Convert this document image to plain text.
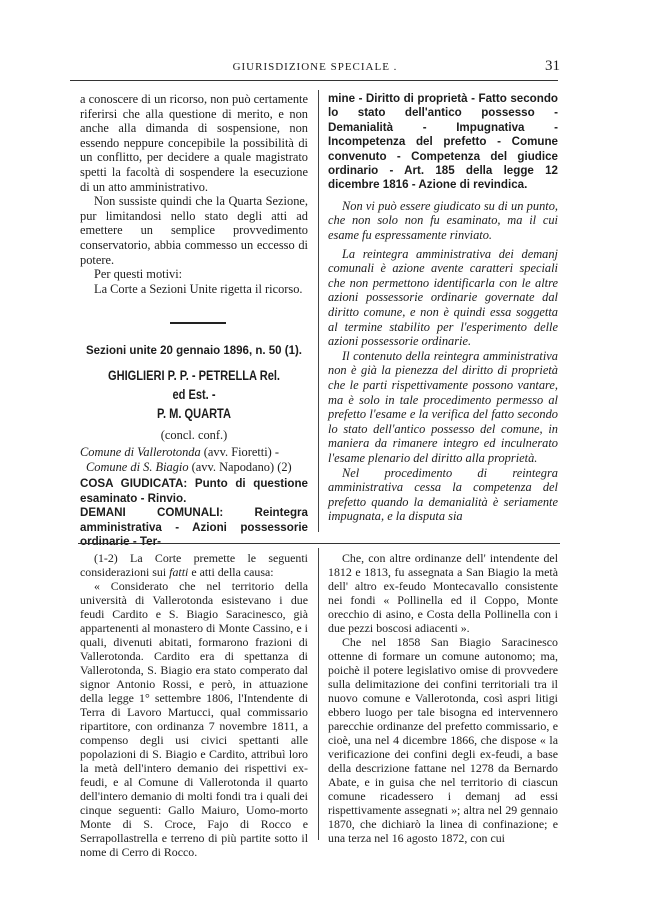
GIURISDIZIONE SPECIALE .	31

a conoscere di un ricorso, non può certamente riferirsi che alla questione di merito, e non anche alla dimanda di sospensione, non essendo neppure concepibile la possibilità di un conflitto, per decidere a quale magistrato spetti la facoltà di sospendere la esecuzione di un atto amministrativo.

Non sussiste quindi che la Quarta Sezione, pur limitandosi nello stato degli atti ad emettere un semplice provvedimento conservatorio, abbia commesso un eccesso di potere.

Per questi motivi:

La Corte a Sezioni Unite rigetta il ricorso.

Sezioni unite 20 gennaio 1896, n. 50 (1).

GHIGLIERI P. P. - PETRELLA Rel. ed Est. -
P. M. QUARTA

(concl. conf.)

Comune di Vallerotonda (avv. Fioretti) -

Comune di S. Biagio (avv. Napodano) (2)

COSA GIUDICATA: Punto di questione esaminato - Rinvio.

DEMANI COMUNALI:	Reintegra amministrativa - Azioni possessorie ordinarie - Ter-

mine - Diritto di proprietà - Fatto secondo lo stato dell'antico possesso - Demanialità - Impugnativa - Incompetenza del prefetto - Comune convenuto - Competenza del giudice ordinario - Art. 185 della legge 12 dicembre 1816 - Azione di revindica.

Non vi può essere giudicato su di un punto, che non solo non fu esaminato, ma il cui esame fu espressamente rinviato.

La reintegra amministrativa dei demanj comunali è azione avente caratteri speciali che non permettono identificarla con le altre azioni possessorie ordinarie governate dal diritto comune, e non è quindi essa soggetta al termine stabilito per l'esperimento delle azioni possessorie ordinarie.

Il contenuto della reintegra amministrativa non è già la pienezza del diritto di proprietà che le parti rispettivamente possono vantare, ma è solo in tale procedimento permesso al prefetto l'esame e la verifica del fatto secondo lo stato dell'antico possesso del comune, in maniera da rimanere integro ed inculnerato l'esame plenario del diritto alla proprietà.

Nel procedimento di reintegra amministrativa cessa la competenza del prefetto quando la demanialità è seriamente impugnata, e la disputa sia

(1-2) La Corte premette le seguenti considerazioni sui fatti e atti della causa:

« Considerato che nel territorio della università di Vallerotonda esistevano i due feudi Cardito e S. Biagio Saracinesco, già appartenenti al monastero di Monte Cassino, e i quali, divenuti abitati, formarono frazioni di Vallerotonda. Cardito era di spettanza di Vallerotonda, S. Biagio era stato comperato dal signor Antonio Rossi, e però, in attuazione della legge 1° settembre 1806, l'Intendente di Terra di Lavoro Martucci, qual commissario ripartitore, con ordinanza 7 novembre 1811, a compenso degli usi civici spettanti alle popolazioni di S. Biagio e Cardito, attribuì loro la metà dell'intero demanio dei rispettivi ex-feudi, e al Comune di Vallerotonda il quarto dell'intero demanio di molti fondi tra i quali dei cinque seguenti: Gallo Maiuro, Uomo-morto Monte di S. Croce, Fajo di Rocco e Serrapollastrella e terreno di più partite sotto il nome di Cerro di Rocco.

Che, con altre ordinanze dell' intendente del 1812 e 1813, fu assegnata a San Biagio la metà dell' altro ex-feudo Montecavallo consistente nei fondi « Pollinella ed il Coppo, Monte orecchio di asino, e Costa della Pollinella con i due pezzi boscosi adiacenti ».

Che nel 1858 San Biagio Saracinesco ottenne di formare un comune autonomo; ma, poichè il potere legislativo omise di provvedere sulla delimitazione dei confini territoriali tra il nuovo comune e Vallerotonda, così aspri litigi ebbero luogo per tale bisogna ed intervennero parecchie ordinanze del prefetto commissario, e cioè, una nel 4 dicembre 1866, che dispose « la verificazione dei confini degli ex-feudi, a base della descrizione fattane nel 1278 da Bernardo Abate, e in guisa che nel territorio di ciascun comune ricadessero i demanj ad essi rispettivamente assegnati »; altra nel 29 gennaio 1870, che dichiarò la linea di confinazione; e una terza nel 16 agosto 1872, con cui
